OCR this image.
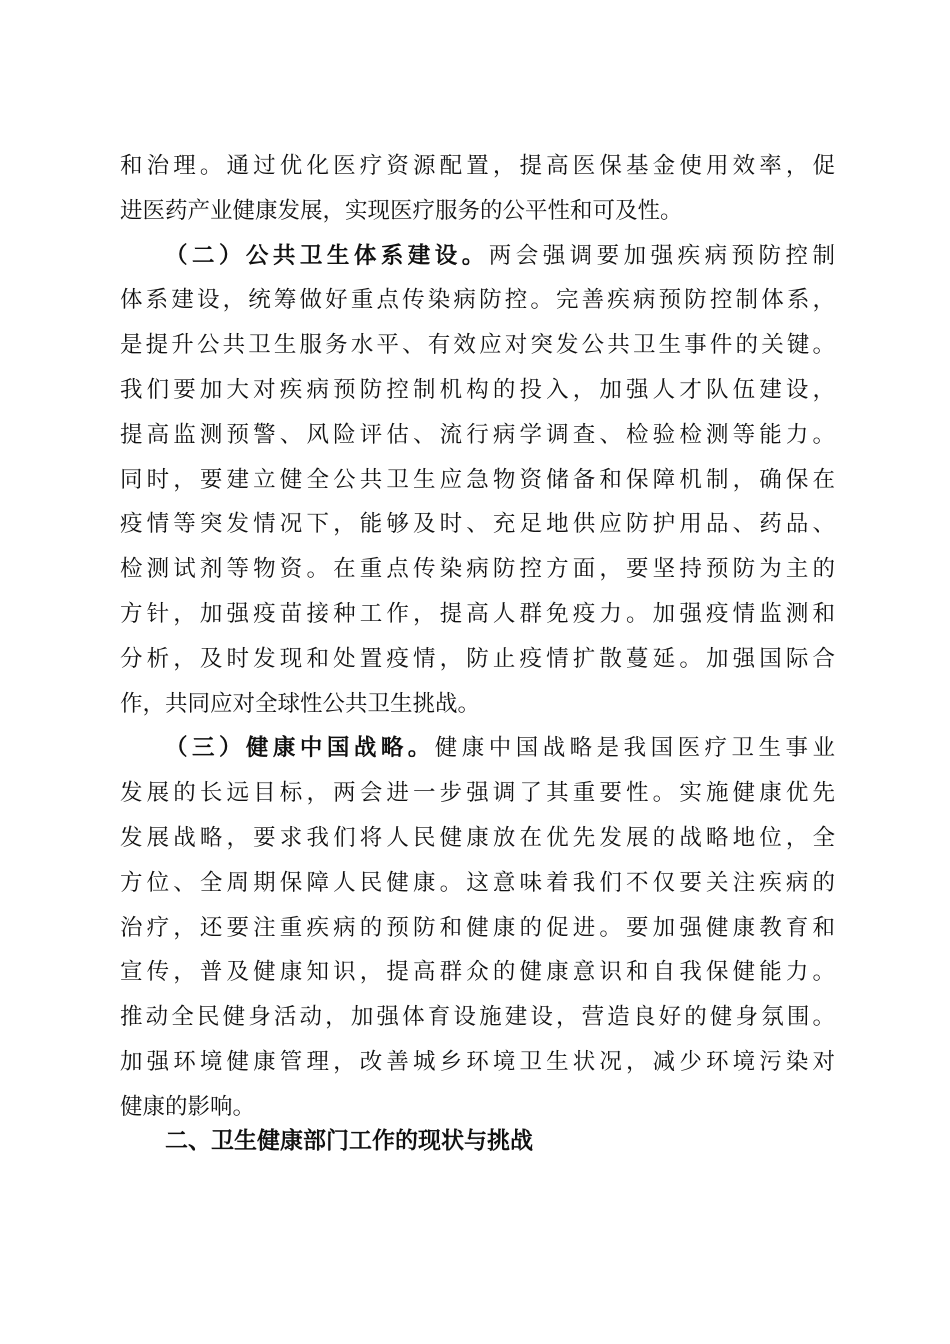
和治理。通过优化医疗资源配置，提高医保基金使用效率，促
进医药产业健康发展，实现医疗服务的公平性和可及性。
（二）公共卫生体系建设。两会强调要加强疾病预防控制
体系建设，统筹做好重点传染病防控。完善疾病预防控制体系，
是提升公共卫生服务水平、有效应对突发公共卫生事件的关键。
我们要加大对疾病预防控制机构的投入，加强人才队伍建设，
提高监测预警、风险评估、流行病学调查、检验检测等能力。
同时，要建立健全公共卫生应急物资储备和保障机制，确保在
疫情等突发情况下，能够及时、充足地供应防护用品、药品、
检测试剂等物资。在重点传染病防控方面，要坚持预防为主的
方针，加强疫苗接种工作，提高人群免疫力。加强疫情监测和
分析，及时发现和处置疫情，防止疫情扩散蔓延。加强国际合
作，共同应对全球性公共卫生挑战。
（三）健康中国战略。健康中国战略是我国医疗卫生事业
发展的长远目标，两会进一步强调了其重要性。实施健康优先
发展战略，要求我们将人民健康放在优先发展的战略地位，全
方位、全周期保障人民健康。这意味着我们不仅要关注疾病的
治疗，还要注重疾病的预防和健康的促进。要加强健康教育和
宣传，普及健康知识，提高群众的健康意识和自我保健能力。
推动全民健身活动，加强体育设施建设，营造良好的健身氛围。
加强环境健康管理，改善城乡环境卫生状况，减少环境污染对
健康的影响。
二、卫生健康部门工作的现状与挑战
